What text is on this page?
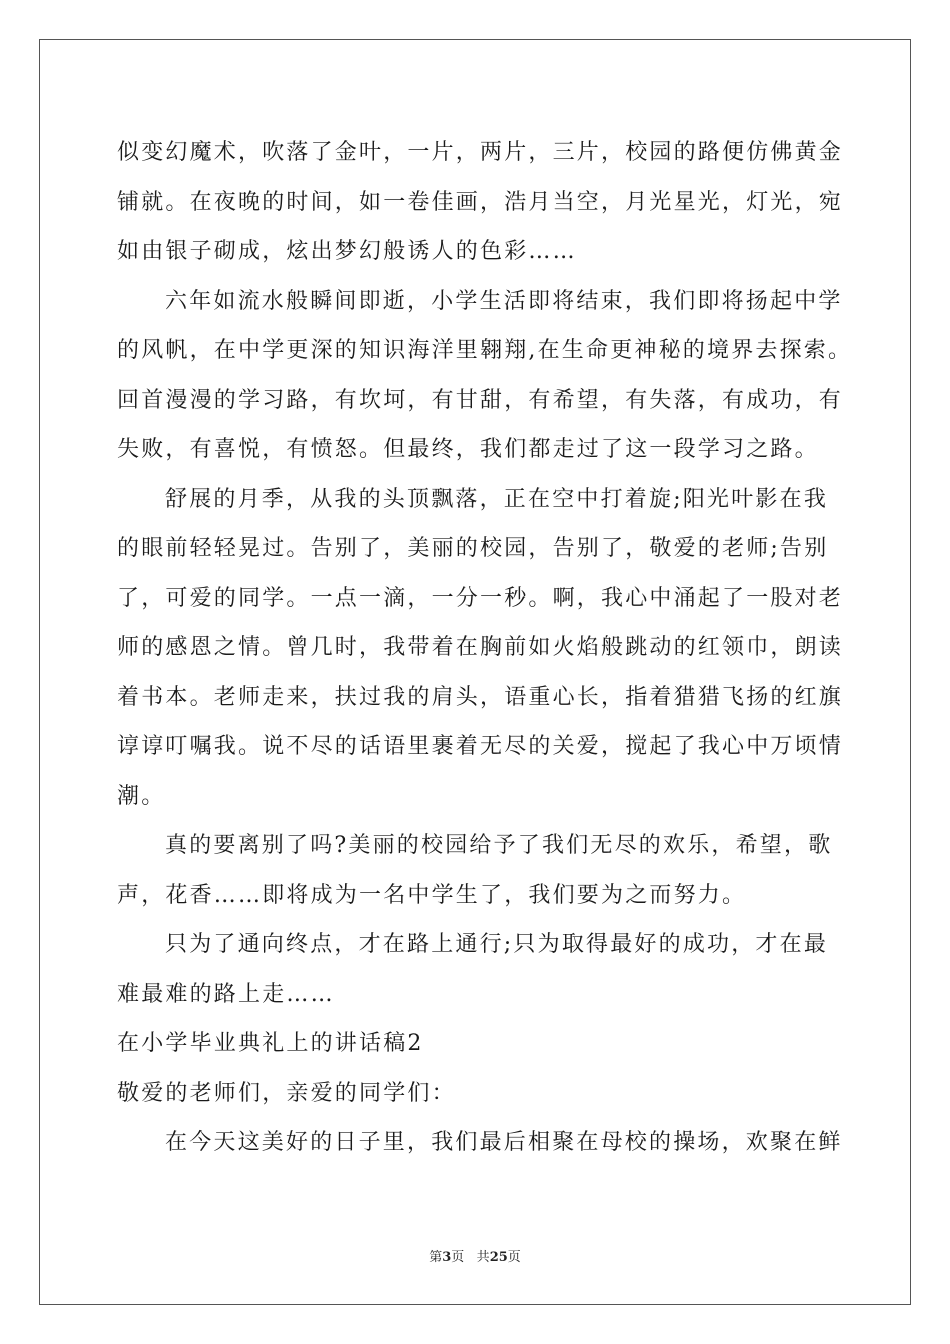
似变幻魔术，吹落了金叶，一片，两片，三片，校园的路便仿佛黄金
铺就。在夜晚的时间，如一卷佳画，浩月当空，月光星光，灯光，宛
如由银子砌成，炫出梦幻般诱人的色彩……
六年如流水般瞬间即逝，小学生活即将结束，我们即将扬起中学
的风帆，在中学更深的知识海洋里翱翔,在生命更神秘的境界去探索。
回首漫漫的学习路，有坎坷，有甘甜，有希望，有失落，有成功，有
失败，有喜悦，有愤怒。但最终，我们都走过了这一段学习之路。
舒展的月季，从我的头顶飘落，正在空中打着旋;阳光叶影在我
的眼前轻轻晃过。告别了，美丽的校园，告别了，敬爱的老师;告别
了，可爱的同学。一点一滴，一分一秒。啊，我心中涌起了一股对老
师的感恩之情。曾几时，我带着在胸前如火焰般跳动的红领巾，朗读
着书本。老师走来，扶过我的肩头，语重心长，指着猎猎飞扬的红旗
谆谆叮嘱我。说不尽的话语里裹着无尽的关爱，搅起了我心中万顷情
潮。
真的要离别了吗?美丽的校园给予了我们无尽的欢乐，希望，歌
声，花香……即将成为一名中学生了，我们要为之而努力。
只为了通向终点，才在路上通行;只为取得最好的成功，才在最
难最难的路上走……
在小学毕业典礼上的讲话稿2
敬爱的老师们，亲爱的同学们：
在今天这美好的日子里，我们最后相聚在母校的操场，欢聚在鲜
第3页 共25页
